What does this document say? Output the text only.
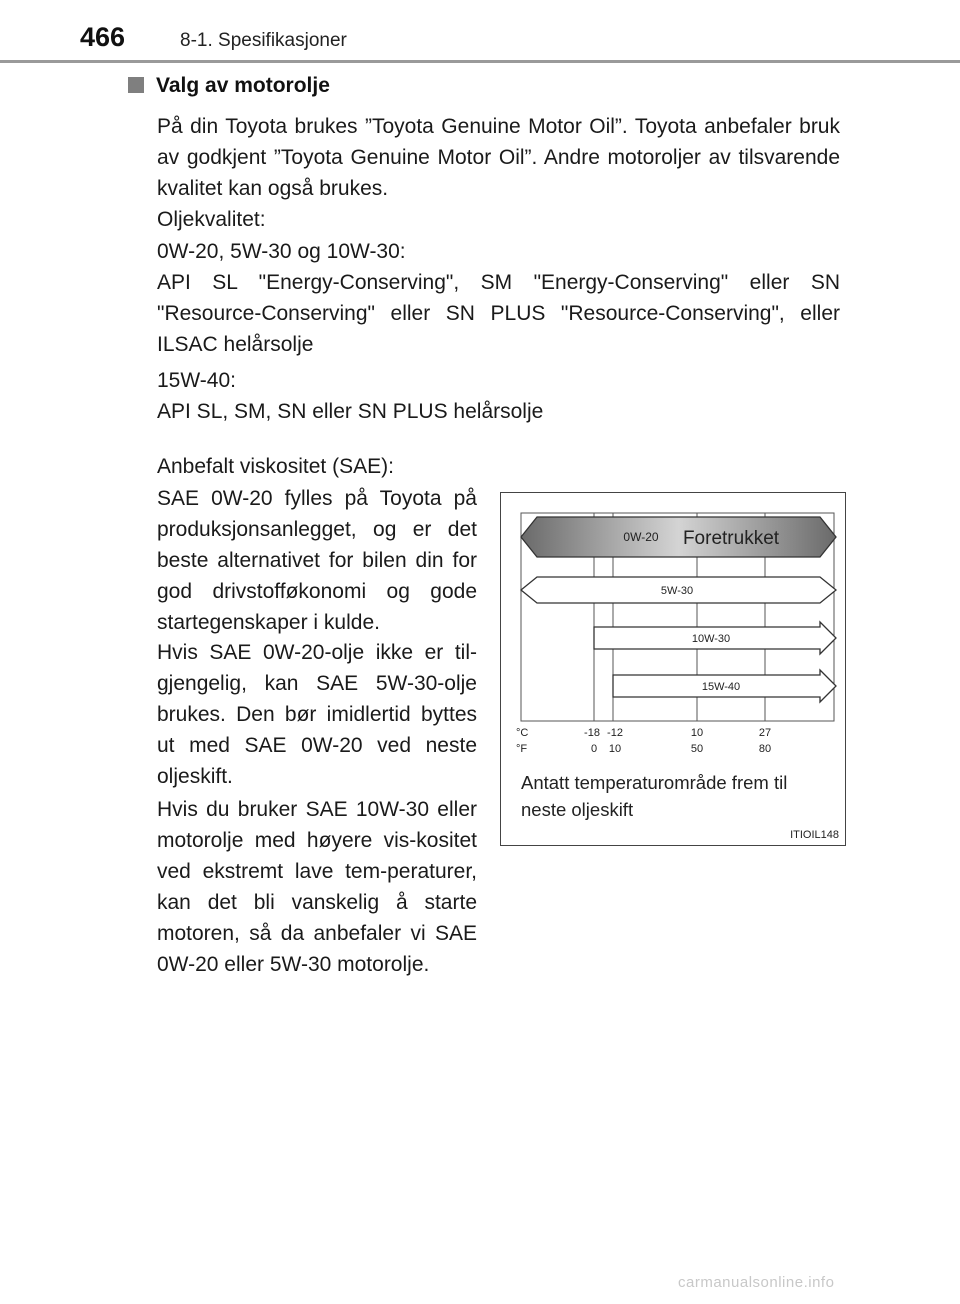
466	8-1. Spesifikasjoner
Valg av motorolje
På din Toyota brukes ”Toyota Genuine Motor Oil”. Toyota anbefaler bruk av godkjent ”Toyota Genuine Motor Oil”. Andre motoroljer av tilsvarende kvalitet kan også brukes.
Oljekvalitet:
0W-20, 5W-30 og 10W-30:
API SL "Energy-Conserving", SM "Energy-Conserving" eller SN "Resource-Conserving" eller SN PLUS "Resource-Conserving", eller ILSAC helårsolje
15W-40:
API SL, SM, SN eller SN PLUS helårsolje
Anbefalt viskositet (SAE):
SAE 0W-20 fylles på Toyota på produksjonsanlegget, og er det beste alternativet for bilen din for god drivstofføkonomi og gode startegenskaper i kulde.
Hvis SAE 0W-20-olje ikke er til-gjengelig, kan SAE 5W-30-olje brukes. Den bør imidlertid byttes ut med SAE 0W-20 ved neste oljeskift.
Hvis du bruker SAE 10W-30 eller motorolje med høyere vis-kositet ved ekstremt lave tem-peraturer, kan det bli vanskelig å starte motoren, så da anbefaler vi SAE 0W-20 eller 5W-30 motorolje.
0W-20 Foretrukket
5W-30
10W-30
15W-40
°C
°F
-18 -12	10	27
0 10	50	80
Antatt temperaturområde frem til neste oljeskift
ITIOIL148
carmanualsonline.info
